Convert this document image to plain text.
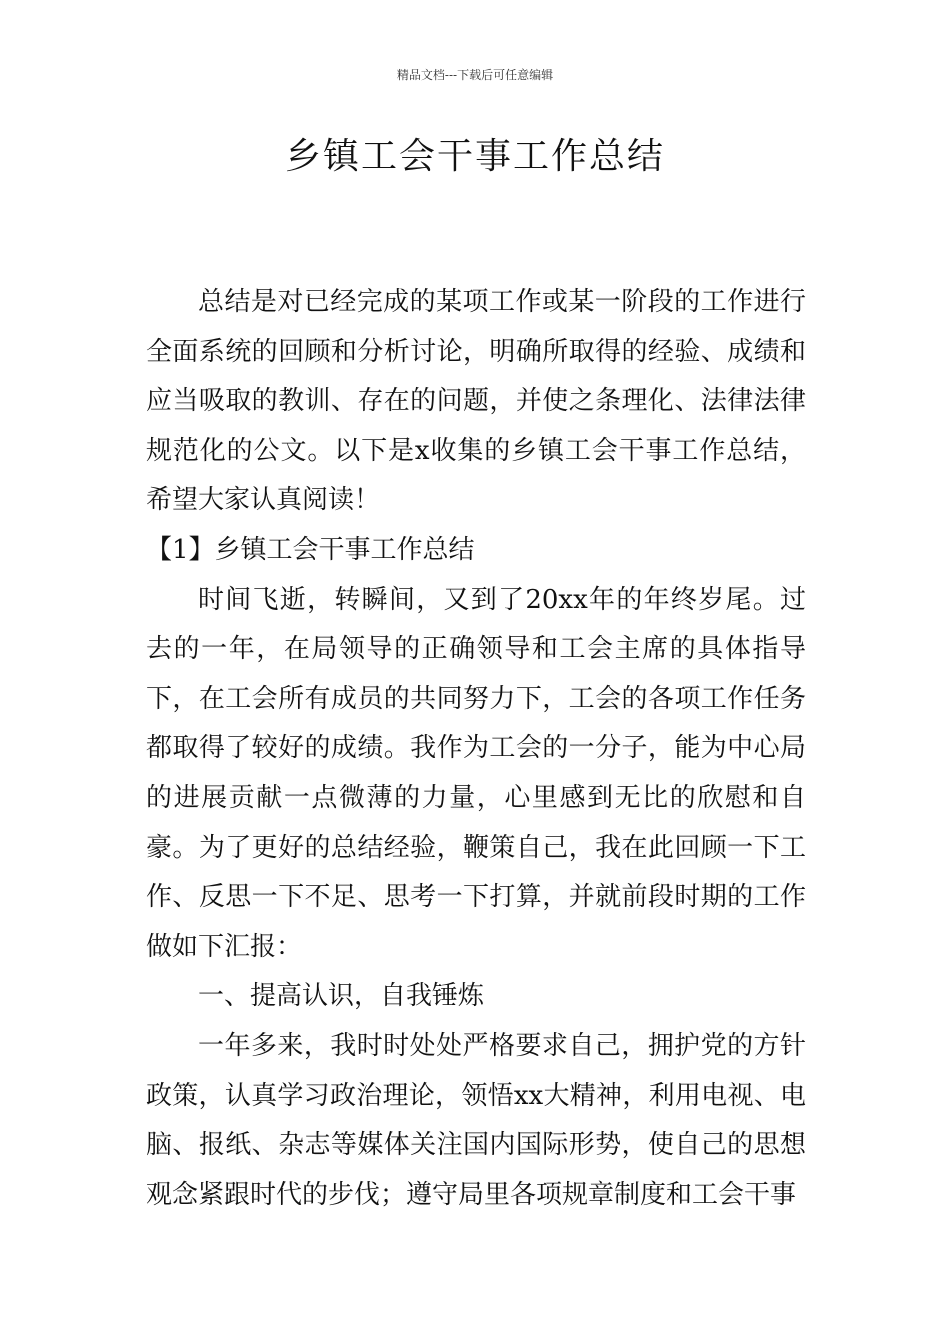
精品文档---下载后可任意编辑
乡镇工会干事工作总结

总结是对已经完成的某项工作或某一阶段的工作进行全面系统的回顾和分析讨论，明确所取得的经验、成绩和应当吸取的教训、存在的问题，并使之条理化、法律法律规范化的公文。以下是x收集的乡镇工会干事工作总结，希望大家认真阅读！

【1】乡镇工会干事工作总结

时间飞逝，转瞬间，又到了20xx年的年终岁尾。过去的一年，在局领导的正确领导和工会主席的具体指导下，在工会所有成员的共同努力下，工会的各项工作任务都取得了较好的成绩。我作为工会的一分子，能为中心局的进展贡献一点微薄的力量，心里感到无比的欣慰和自豪。为了更好的总结经验，鞭策自己，我在此回顾一下工作、反思一下不足、思考一下打算，并就前段时期的工作做如下汇报：

一、提高认识，自我锤炼

一年多来，我时时处处严格要求自己，拥护党的方针政策，认真学习政治理论，领悟xx大精神，利用电视、电脑、报纸、杂志等媒体关注国内国际形势，使自己的思想观念紧跟时代的步伐；遵守局里各项规章制度和工会干事
